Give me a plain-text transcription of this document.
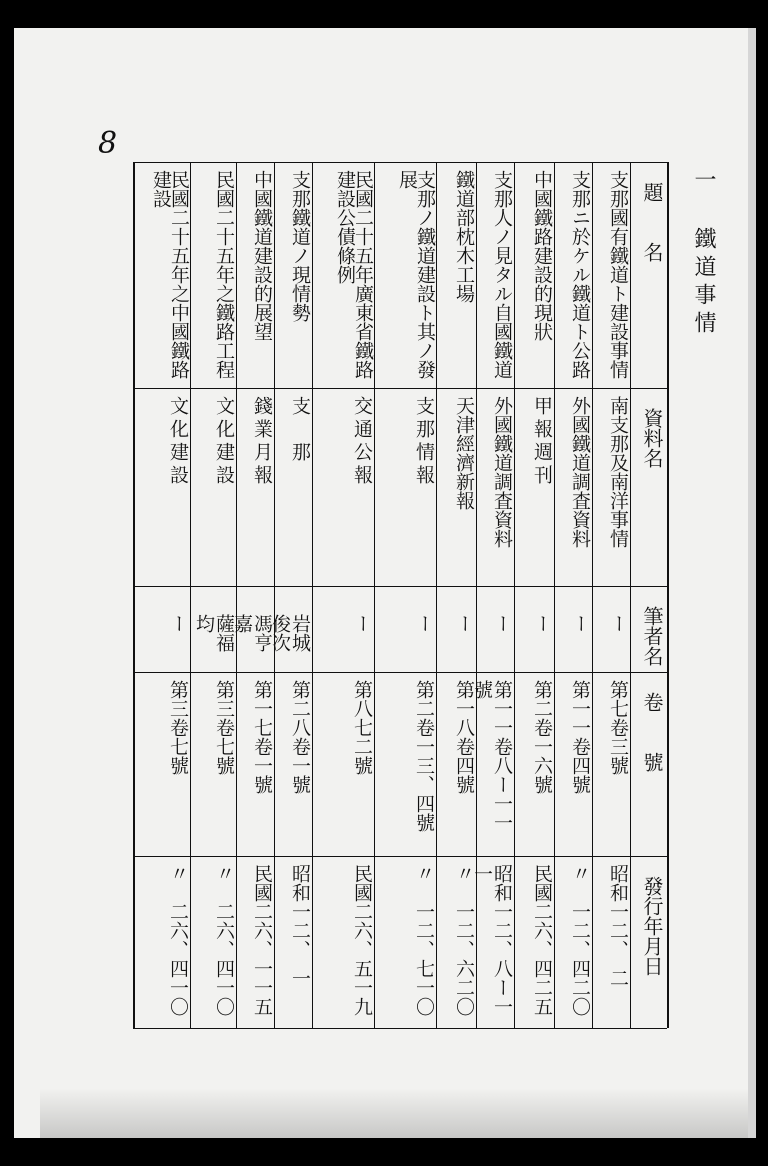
一 鐵道事情
8
題　　名
資料名
筆者名
卷　　號
發行年月日
支那國有鐵道ト建設事情
南支那及南洋事情
ー
第七卷三號
昭和一二、　二
支那ニ於ケル鐵道ト公路
外國鐵道調査資料
ー
第一一卷四號
〃　一二、四二〇
中國鐵路建設的現狀
甲報週刊
ー
第二卷一六號
民國二六、四二五
支那人ノ見タル自國鐵道
外國鐵道調査資料
ー
第一一卷八ー一一號
昭和一二、八ー一一
鐵道部枕木工場
天津經濟新報
ー
第一八卷四號
〃　一二、六二〇
支那ノ鐵道建設ト其ノ發展
支那情報
ー
第二卷一三、四號
〃　一二、七一〇
民國二十五年廣東省鐵路建設公債條例
交通公報
ー
第八七二號
民國二六、五一九
支那鐵道ノ現情勢
支　那
岩城俊次
第二八卷一號
昭和一二、　一
中國鐵道建設的展望
錢業月報
馮亨嘉
第一七卷一號
民國二六、一一五
民國二十五年之鐵路工程
文化建設
薩福均
第三卷七號
〃　二六、四一〇
民國二十五年之中國鐵路建設
文化建設
ー
第三卷七號
〃　二六、四一〇
